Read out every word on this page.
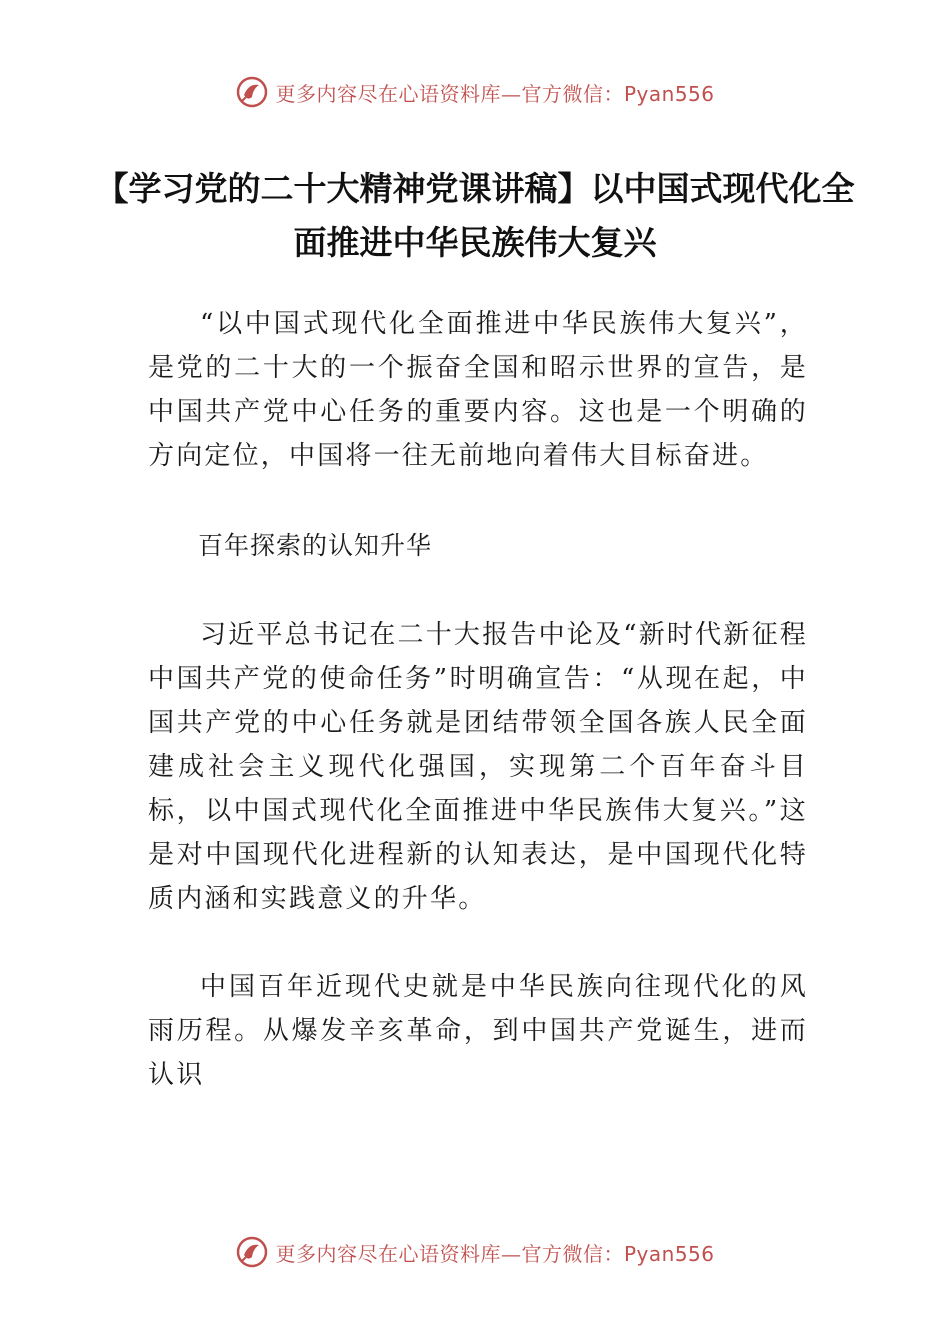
更多内容尽在心语资料库—官方微信：Pyan556
【学习党的二十大精神党课讲稿】以中国式现代化全面推进中华民族伟大复兴

“以中国式现代化全面推进中华民族伟大复兴”，是党的二十大的一个振奋全国和昭示世界的宣告，是中国共产党中心任务的重要内容。这也是一个明确的方向定位，中国将一往无前地向着伟大目标奋进。

百年探索的认知升华

习近平总书记在二十大报告中论及“新时代新征程中国共产党的使命任务”时明确宣告：“从现在起，中国共产党的中心任务就是团结带领全国各族人民全面建成社会主义现代化强国，实现第二个百年奋斗目标，以中国式现代化全面推进中华民族伟大复兴。”这是对中国现代化进程新的认知表达，是中国现代化特质内涵和实践意义的升华。

中国百年近现代史就是中华民族向往现代化的风雨历程。从爆发辛亥革命，到中国共产党诞生，进而认识

更多内容尽在心语资料库—官方微信：Pyan556
